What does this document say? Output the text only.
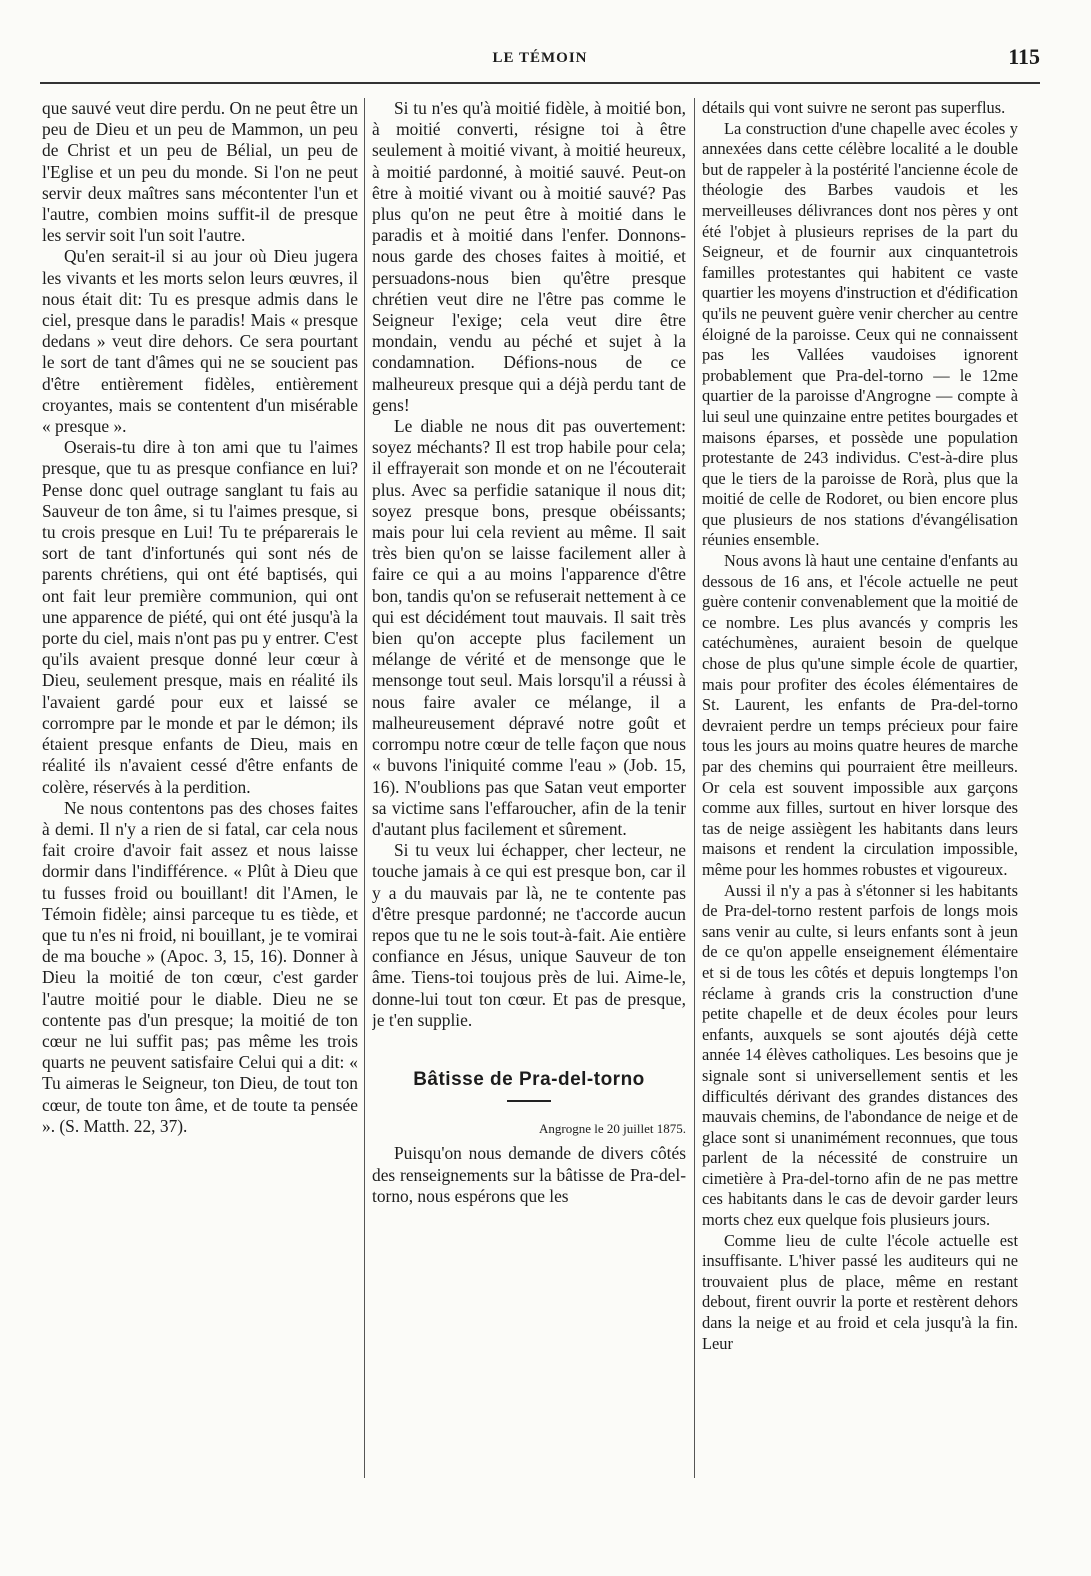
LE TÉMOIN	115

que sauvé veut dire perdu. On ne peut être un peu de Dieu et un peu de Mammon, un peu de Christ et un peu de Bélial, un peu de l'Eglise et un peu du monde. Si l'on ne peut servir deux maîtres sans mécontenter l'un et l'autre, combien moins suffit-il de presque les servir soit l'un soit l'autre.

Qu'en serait-il si au jour où Dieu jugera les vivants et les morts selon leurs œuvres, il nous était dit: Tu es presque admis dans le ciel, presque dans le paradis! Mais « presque dedans » veut dire dehors. Ce sera pourtant le sort de tant d'âmes qui ne se soucient pas d'être entièrement fidèles, entièrement croyantes, mais se contentent d'un misérable « presque ».

Oserais-tu dire à ton ami que tu l'aimes presque, que tu as presque confiance en lui? Pense donc quel outrage sanglant tu fais au Sauveur de ton âme, si tu l'aimes presque, si tu crois presque en Lui! Tu te préparerais le sort de tant d'infortunés qui sont nés de parents chrétiens, qui ont été baptisés, qui ont fait leur première communion, qui ont une apparence de piété, qui ont été jusqu'à la porte du ciel, mais n'ont pas pu y entrer. C'est qu'ils avaient presque donné leur cœur à Dieu, seulement presque, mais en réalité ils l'avaient gardé pour eux et laissé se corrompre par le monde et par le démon; ils étaient presque enfants de Dieu, mais en réalité ils n'avaient cessé d'être enfants de colère, réservés à la perdition.

Ne nous contentons pas des choses faites à demi. Il n'y a rien de si fatal, car cela nous fait croire d'avoir fait assez et nous laisse dormir dans l'indifférence. « Plût à Dieu que tu fusses froid ou bouillant! dit l'Amen, le Témoin fidèle; ainsi parceque tu es tiède, et que tu n'es ni froid, ni bouillant, je te vomirai de ma bouche » (Apoc. 3, 15, 16). Donner à Dieu la moitié de ton cœur, c'est garder l'autre moitié pour le diable. Dieu ne se contente pas d'un presque; la moitié de ton cœur ne lui suffit pas; pas même les trois quarts ne peuvent satisfaire Celui qui a dit: « Tu aimeras le Seigneur, ton Dieu, de tout ton cœur, de toute ton âme, et de toute ta pensée ». (S. Matth. 22, 37).

Si tu n'es qu'à moitié fidèle, à moitié bon, à moitié converti, résigne toi à être seulement à moitié vivant, à moitié heureux, à moitié pardonné, à moitié sauvé. Peut-on être à moitié vivant ou à moitié sauvé? Pas plus qu'on ne peut être à moitié dans le paradis et à moitié dans l'enfer. Donnons-nous garde des choses faites à moitié, et persuadons-nous bien qu'être presque chrétien veut dire ne l'être pas comme le Seigneur l'exige; cela veut dire être mondain, vendu au péché et sujet à la condamnation. Défions-nous de ce malheureux presque qui a déjà perdu tant de gens!

Le diable ne nous dit pas ouvertement: soyez méchants? Il est trop habile pour cela; il effrayerait son monde et on ne l'écouterait plus. Avec sa perfidie satanique il nous dit; soyez presque bons, presque obéissants; mais pour lui cela revient au même. Il sait très bien qu'on se laisse facilement aller à faire ce qui a au moins l'apparence d'être bon, tandis qu'on se refuserait nettement à ce qui est décidément tout mauvais. Il sait très bien qu'on accepte plus facilement un mélange de vérité et de mensonge que le mensonge tout seul. Mais lorsqu'il a réussi à nous faire avaler ce mélange, il a malheureusement dépravé notre goût et corrompu notre cœur de telle façon que nous « buvons l'iniquité comme l'eau » (Job. 15, 16). N'oublions pas que Satan veut emporter sa victime sans l'effaroucher, afin de la tenir d'autant plus facilement et sûrement.

Si tu veux lui échapper, cher lecteur, ne touche jamais à ce qui est presque bon, car il y a du mauvais par là, ne te contente pas d'être presque pardonné; ne t'accorde aucun repos que tu ne le sois tout-à-fait. Aie entière confiance en Jésus, unique Sauveur de ton âme. Tiens-toi toujous près de lui. Aime-le, donne-lui tout ton cœur. Et pas de presque, je t'en supplie.

Bâtisse de Pra-del-torno

Angrogne le 20 juillet 1875.

Puisqu'on nous demande de divers côtés des renseignements sur la bâtisse de Pra-del-torno, nous espérons que les

détails qui vont suivre ne seront pas superflus.

La construction d'une chapelle avec écoles y annexées dans cette célèbre localité a le double but de rappeler à la postérité l'ancienne école de théologie des Barbes vaudois et les merveilleuses délivrances dont nos pères y ont été l'objet à plusieurs reprises de la part du Seigneur, et de fournir aux cinquantetrois familles protestantes qui habitent ce vaste quartier les moyens d'instruction et d'édification qu'ils ne peuvent guère venir chercher au centre éloigné de la paroisse. Ceux qui ne connaissent pas les Vallées vaudoises ignorent probablement que Pra-del-torno — le 12me quartier de la paroisse d'Angrogne — compte à lui seul une quinzaine entre petites bourgades et maisons éparses, et possède une population protestante de 243 individus. C'est-à-dire plus que le tiers de la paroisse de Rorà, plus que la moitié de celle de Rodoret, ou bien encore plus que plusieurs de nos stations d'évangélisation réunies ensemble.

Nous avons là haut une centaine d'enfants au dessous de 16 ans, et l'école actuelle ne peut guère contenir convenablement que la moitié de ce nombre. Les plus avancés y compris les catéchumènes, auraient besoin de quelque chose de plus qu'une simple école de quartier, mais pour profiter des écoles élémentaires de St. Laurent, les enfants de Pra-del-torno devraient perdre un temps précieux pour faire tous les jours au moins quatre heures de marche par des chemins qui pourraient être meilleurs. Or cela est souvent impossible aux garçons comme aux filles, surtout en hiver lorsque des tas de neige assiègent les habitants dans leurs maisons et rendent la circulation impossible, même pour les hommes robustes et vigoureux.

Aussi il n'y a pas à s'étonner si les habitants de Pra-del-torno restent parfois de longs mois sans venir au culte, si leurs enfants sont à jeun de ce qu'on appelle enseignement élémentaire et si de tous les côtés et depuis longtemps l'on réclame à grands cris la construction d'une petite chapelle et de deux écoles pour leurs enfants, auxquels se sont ajoutés déjà cette année 14 élèves catholiques. Les besoins que je signale sont si universellement sentis et les difficultés dérivant des grandes distances des mauvais chemins, de l'abondance de neige et de glace sont si unanimément reconnues, que tous parlent de la nécessité de construire un cimetière à Pra-del-torno afin de ne pas mettre ces habitants dans le cas de devoir garder leurs morts chez eux quelque fois plusieurs jours.

Comme lieu de culte l'école actuelle est insuffisante. L'hiver passé les auditeurs qui ne trouvaient plus de place, même en restant debout, firent ouvrir la porte et restèrent dehors dans la neige et au froid et cela jusqu'à la fin. Leur
